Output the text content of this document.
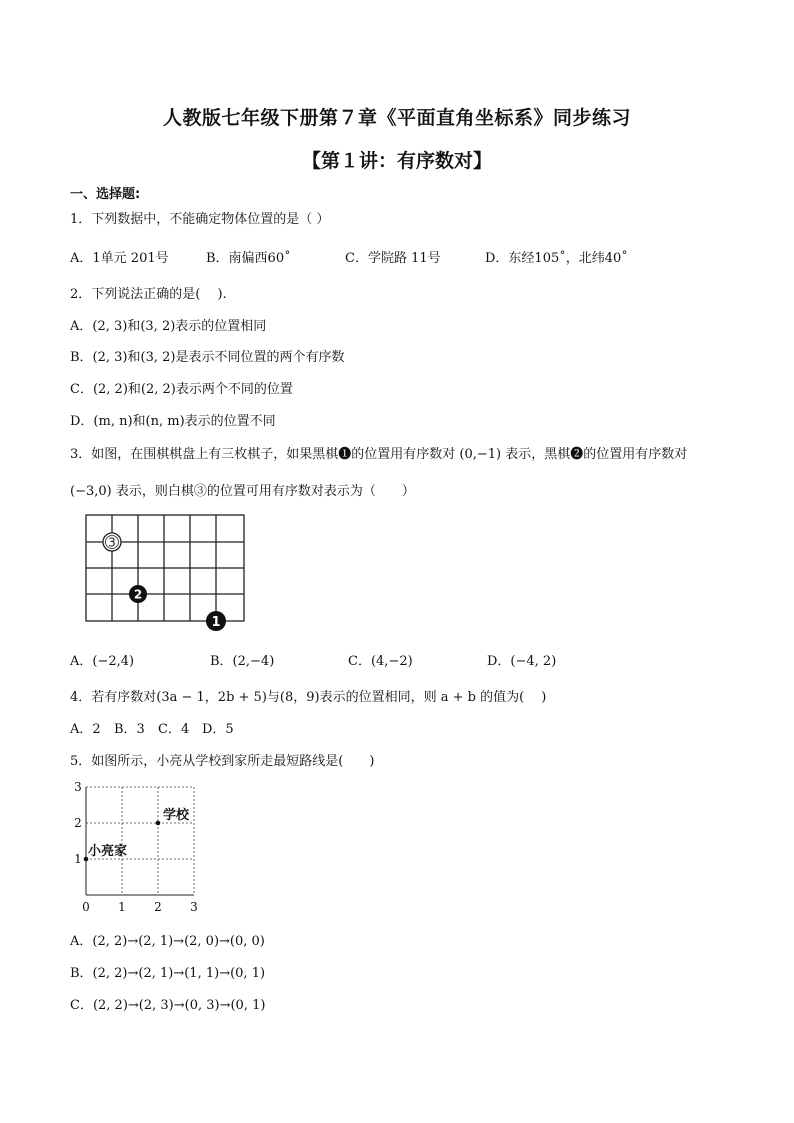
人教版七年级下册第７章《平面直角坐标系》同步练习
【第１讲：有序数对】
一、选择题:
1．下列数据中，不能确定物体位置的是（ ）
A．1单元 201号	B．南偏西60˚	C．学院路 11号	D．东经105˚，北纬40˚
2．下列说法正确的是(　 ).
A．(2, 3)和(3, 2)表示的位置相同
B．(2, 3)和(3, 2)是表示不同位置的两个有序数
C．(2, 2)和(2, 2)表示两个不同的位置
D．(m, n)和(n, m)表示的位置不同
3．如图，在围棋棋盘上有三枚棋子，如果黑棋❶的位置用有序数对 (0,−1) 表示，黑棋❷的位置用有序数对
(−3,0) 表示，则白棋③的位置可用有序数对表示为（　　）
3
2
1
A．(−2,4)	B．(2,−4)	C．(4,−2)	D．(−4, 2)
4．若有序数对(3a − 1，2b + 5)与(8，9)表示的位置相同，则 a + b 的值为(　 )
A．2 B．3 C．4 D．5
5．如图所示，小亮从学校到家所走最短路线是(　　)
0 1 2 3
1
2
3
学校
小亮家
A．(2, 2)→(2, 1)→(2, 0)→(0, 0)
B．(2, 2)→(2, 1)→(1, 1)→(0, 1)
C．(2, 2)→(2, 3)→(0, 3)→(0, 1)
